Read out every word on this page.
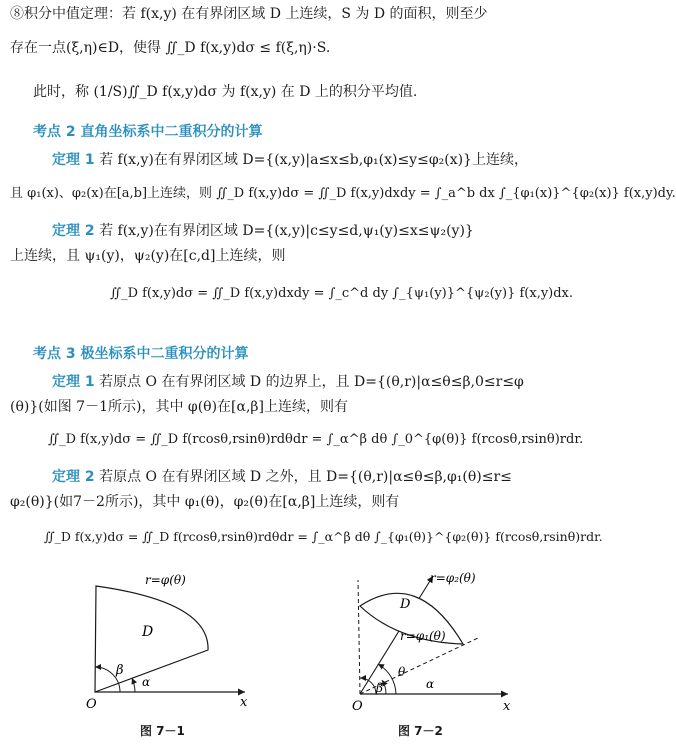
⑧积分中值定理：若 f(x,y) 在有界闭区域 D 上连续，S 为 D 的面积，则至少
存在一点(ξ,η)∈D，使得 ∬_D f(x,y)dσ ≤ f(ξ,η)·S.
此时，称 (1/S)∬_D f(x,y)dσ 为 f(x,y) 在 D 上的积分平均值.
考点 2 直角坐标系中二重积分的计算
定理 1 若 f(x,y)在有界闭区域 D={(x,y)|a≤x≤b,φ₁(x)≤y≤φ₂(x)}上连续，
且 φ₁(x)、φ₂(x)在[a,b]上连续，则 ∬_D f(x,y)dσ = ∬_D f(x,y)dxdy = ∫_a^b dx ∫_{φ₁(x)}^{φ₂(x)} f(x,y)dy.
定理 2 若 f(x,y)在有界闭区域 D={(x,y)|c≤y≤d,ψ₁(y)≤x≤ψ₂(y)}
上连续，且 ψ₁(y)，ψ₂(y)在[c,d]上连续，则
∬_D f(x,y)dσ = ∬_D f(x,y)dxdy = ∫_c^d dy ∫_{ψ₁(y)}^{ψ₂(y)} f(x,y)dx.
考点 3 极坐标系中二重积分的计算
定理 1 若原点 O 在有界闭区域 D 的边界上，且 D={(θ,r)|α≤θ≤β,0≤r≤φ
(θ)}(如图 7－1所示)，其中 φ(θ)在[α,β]上连续，则有
∬_D f(x,y)dσ = ∬_D f(rcosθ,rsinθ)rdθdr = ∫_α^β dθ ∫_0^{φ(θ)} f(rcosθ,rsinθ)rdr.
定理 2 若原点 O 在有界闭区域 D 之外，且 D={(θ,r)|α≤θ≤β,φ₁(θ)≤r≤
φ₂(θ)}(如7－2所示)，其中 φ₁(θ)，φ₂(θ)在[α,β]上连续，则有
∬_D f(x,y)dσ = ∬_D f(rcosθ,rsinθ)rdθdr = ∫_α^β dθ ∫_{φ₁(θ)}^{φ₂(θ)} f(rcosθ,rsinθ)rdr.
r=φ(θ)
D
β
α
O	x
图 7－1
r=φ₂(θ)
D
r=φ₁(θ)
β
θ
α
O	x
图 7－2
